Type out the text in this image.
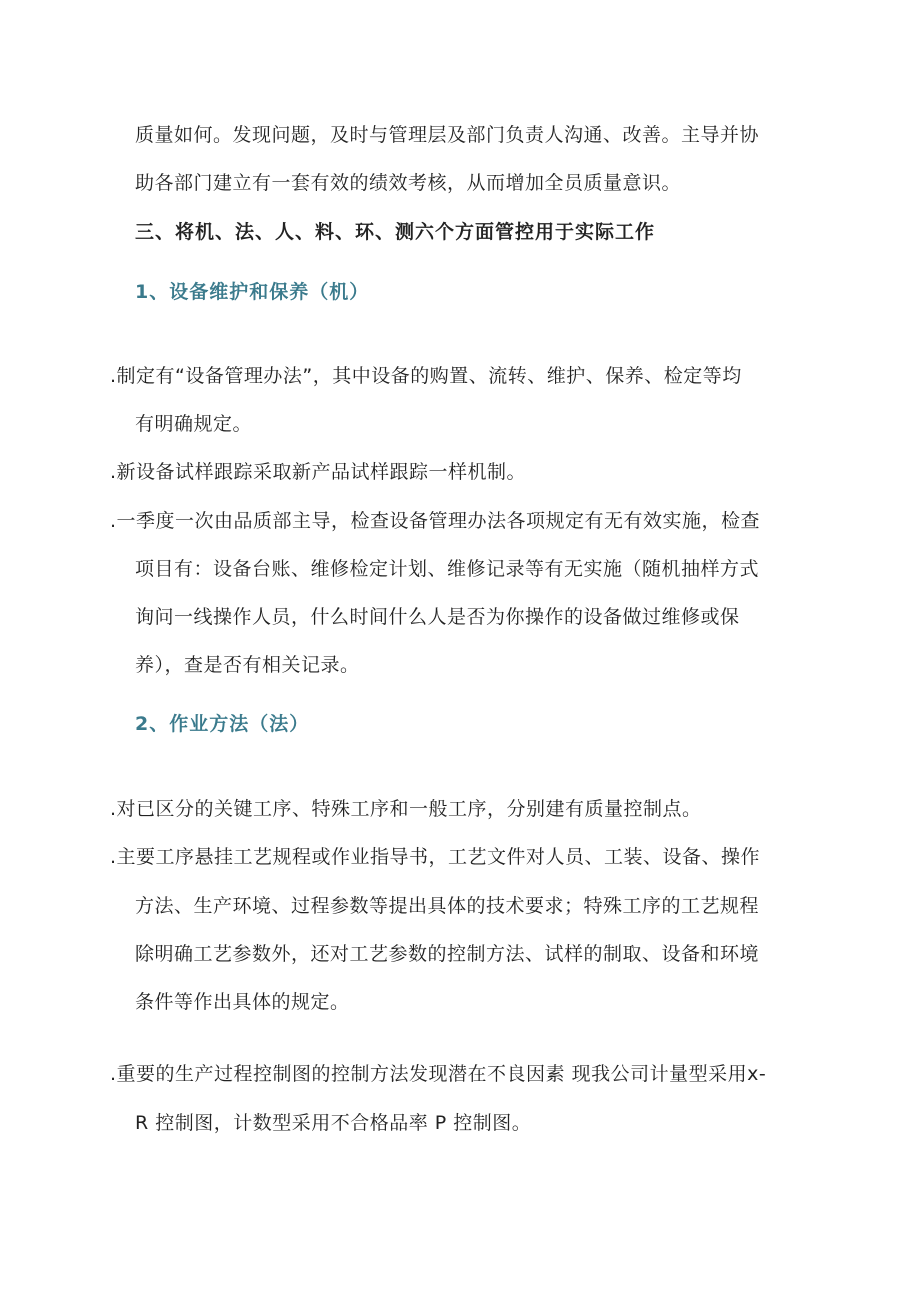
质量如何。发现问题，及时与管理层及部门负责人沟通、改善。主导并协
助各部门建立有一套有效的绩效考核，从而增加全员质量意识。
三、将机、法、人、料、环、测六个方面管控用于实际工作
1、设备维护和保养（机）
.制定有“设备管理办法”，其中设备的购置、流转、维护、保养、检定等均
有明确规定。
.新设备试样跟踪采取新产品试样跟踪一样机制。
.一季度一次由品质部主导，检查设备管理办法各项规定有无有效实施，检查
项目有：设备台账、维修检定计划、维修记录等有无实施（随机抽样方式
询问一线操作人员，什么时间什么人是否为你操作的设备做过维修或保
养），查是否有相关记录。
2、作业方法（法）
.对已区分的关键工序、特殊工序和一般工序，分别建有质量控制点。
.主要工序悬挂工艺规程或作业指导书，工艺文件对人员、工装、设备、操作
方法、生产环境、过程参数等提出具体的技术要求；特殊工序的工艺规程
除明确工艺参数外，还对工艺参数的控制方法、试样的制取、设备和环境
条件等作出具体的规定。
.重要的生产过程控制图的控制方法发现潜在不良因素 现我公司计量型采用x-
R 控制图，计数型采用不合格品率 P 控制图。
